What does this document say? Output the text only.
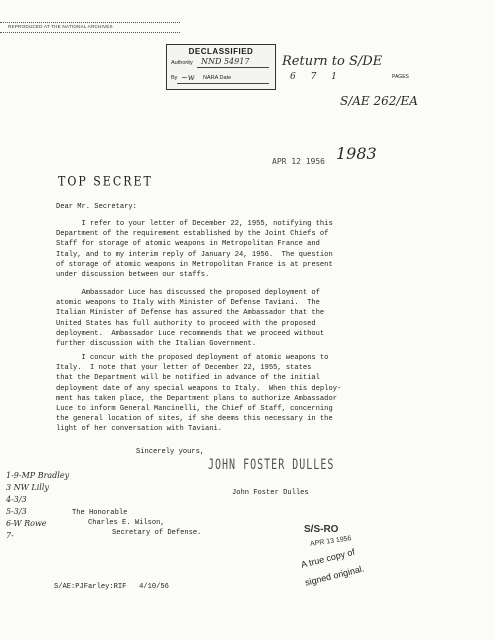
REPRODUCED AT THE NATIONAL ARCHIVES
DECLASSIFIED
Authority NND 54917
By ~w NARA Date
Return to S/DE
6 7 1	PAGES
S/AE 262/EA
APR 12 1956 1983
TOP SECRET
Dear Mr. Secretary:
I refer to your letter of December 22, 1955, notifying this
Department of the requirement established by the Joint Chiefs of
Staff for storage of atomic weapons in Metropolitan France and
Italy, and to my interim reply of January 24, 1956.  The question
of storage of atomic weapons in Metropolitan France is at present
under discussion between our staffs.
Ambassador Luce has discussed the proposed deployment of
atomic weapons to Italy with Minister of Defense Taviani.  The
Italian Minister of Defense has assured the Ambassador that the
United States has full authority to proceed with the proposed
deployment.  Ambassador Luce recommends that we proceed without
further discussion with the Italian Government.
I concur with the proposed deployment of atomic weapons to
Italy.  I note that your letter of December 22, 1955, states
that the Department will be notified in advance of the initial
deployment date of any special weapons to Italy.  When this deploy-
ment has taken place, the Department plans to authorize Ambassador
Luce to inform General Mancinelli, the Chief of Staff, concerning
the general location of sites, if she deems this necessary in the
light of her conversation with Taviani.
Sincerely yours,
JOHN FOSTER DULLES
John Foster Dulles
1-9-MP Bradley
3 NW Lilly
4-3/3
5-3/3
6-W Rowe
7-
The Honorable
Charles E. Wilson,
Secretary of Defense.	S/S-RO
APR 13 1956
A true copy of
signed original.
S/AE:PJFarley:RIF   4/10/56
